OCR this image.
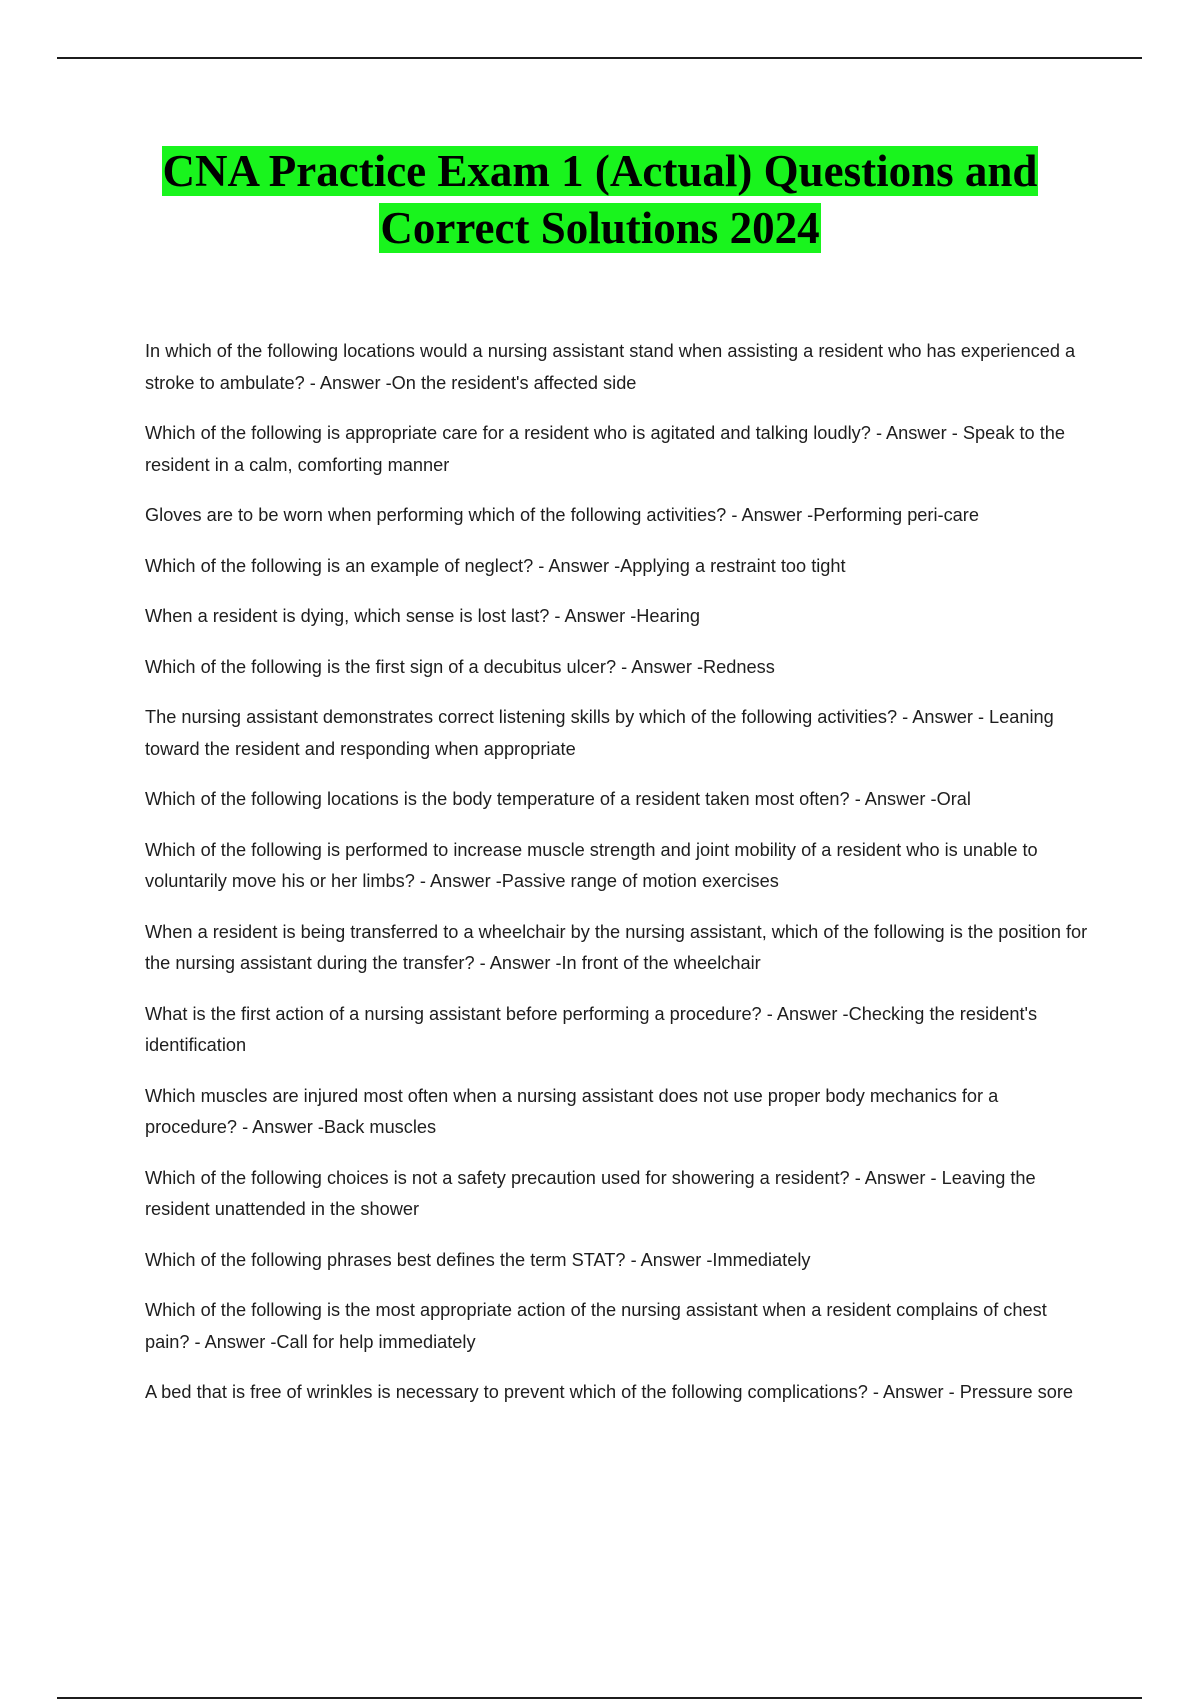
CNA Practice Exam 1 (Actual) Questions and
Correct Solutions 2024
In which of the following locations would a nursing assistant stand when assisting a resident who has experienced a stroke to ambulate? - Answer -On the resident's affected side
Which of the following is appropriate care for a resident who is agitated and talking loudly? - Answer - Speak to the resident in a calm, comforting manner
Gloves are to be worn when performing which of the following activities? - Answer -Performing peri-care
Which of the following is an example of neglect? - Answer -Applying a restraint too tight
When a resident is dying, which sense is lost last? - Answer -Hearing
Which of the following is the first sign of a decubitus ulcer? - Answer -Redness
The nursing assistant demonstrates correct listening skills by which of the following activities? - Answer - Leaning toward the resident and responding when appropriate
Which of the following locations is the body temperature of a resident taken most often? - Answer -Oral
Which of the following is performed to increase muscle strength and joint mobility of a resident who is unable to voluntarily move his or her limbs? - Answer -Passive range of motion exercises
When a resident is being transferred to a wheelchair by the nursing assistant, which of the following is the position for the nursing assistant during the transfer? - Answer -In front of the wheelchair
What is the first action of a nursing assistant before performing a procedure? - Answer -Checking the resident's identification
Which muscles are injured most often when a nursing assistant does not use proper body mechanics for a procedure? - Answer -Back muscles
Which of the following choices is not a safety precaution used for showering a resident? - Answer - Leaving the resident unattended in the shower
Which of the following phrases best defines the term STAT? - Answer -Immediately
Which of the following is the most appropriate action of the nursing assistant when a resident complains of chest pain? - Answer -Call for help immediately
A bed that is free of wrinkles is necessary to prevent which of the following complications? - Answer - Pressure sore
